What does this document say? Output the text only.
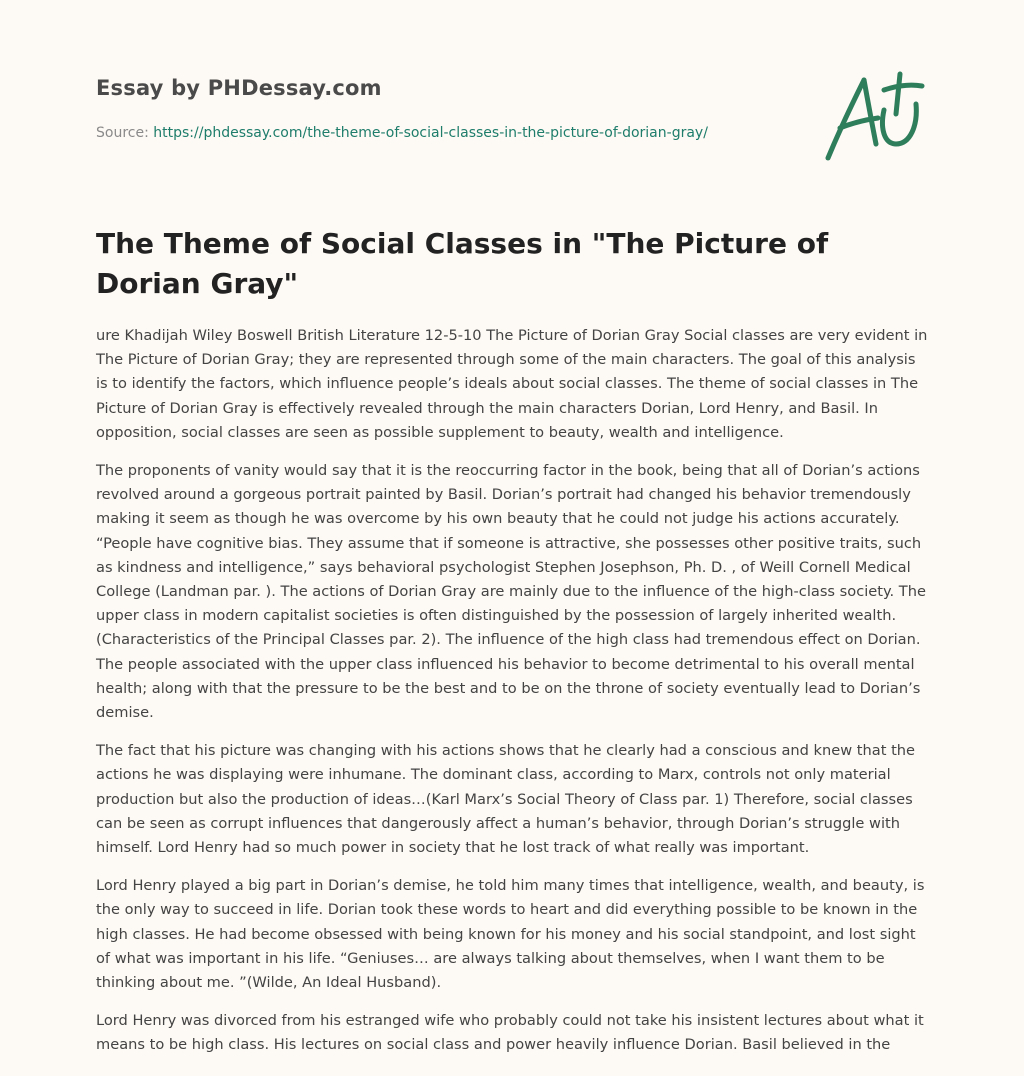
Essay by PHDessay.com
Source: https://phdessay.com/the-theme-of-social-classes-in-the-picture-of-dorian-gray/
The Theme of Social Classes in "The Picture of Dorian Gray"

ure Khadijah Wiley Boswell British Literature 12-5-10 The Picture of Dorian Gray Social classes are very evident in The Picture of Dorian Gray; they are represented through some of the main characters. The goal of this analysis is to identify the factors, which influence people’s ideals about social classes. The theme of social classes in The Picture of Dorian Gray is effectively revealed through the main characters Dorian, Lord Henry, and Basil. In opposition, social classes are seen as possible supplement to beauty, wealth and intelligence.

The proponents of vanity would say that it is the reoccurring factor in the book, being that all of Dorian’s actions revolved around a gorgeous portrait painted by Basil. Dorian’s portrait had changed his behavior tremendously making it seem as though he was overcome by his own beauty that he could not judge his actions accurately. “People have cognitive bias. They assume that if someone is attractive, she possesses other positive traits, such as kindness and intelligence,” says behavioral psychologist Stephen Josephson, Ph. D. , of Weill Cornell Medical College (Landman par. ). The actions of Dorian Gray are mainly due to the influence of the high-class society. The upper class in modern capitalist societies is often distinguished by the possession of largely inherited wealth. (Characteristics of the Principal Classes par. 2). The influence of the high class had tremendous effect on Dorian. The people associated with the upper class influenced his behavior to become detrimental to his overall mental health; along with that the pressure to be the best and to be on the throne of society eventually lead to Dorian’s demise.

The fact that his picture was changing with his actions shows that he clearly had a conscious and knew that the actions he was displaying were inhumane. The dominant class, according to Marx, controls not only material production but also the production of ideas…(Karl Marx’s Social Theory of Class par. 1) Therefore, social classes can be seen as corrupt influences that dangerously affect a human’s behavior, through Dorian’s struggle with himself. Lord Henry had so much power in society that he lost track of what really was important.

Lord Henry played a big part in Dorian’s demise, he told him many times that intelligence, wealth, and beauty, is the only way to succeed in life. Dorian took these words to heart and did everything possible to be known in the high classes. He had become obsessed with being known for his money and his social standpoint, and lost sight of what was important in his life. “Geniuses… are always talking about themselves, when I want them to be thinking about me. ”(Wilde, An Ideal Husband).

Lord Henry was divorced from his estranged wife who probably could not take his insistent lectures about what it means to be high class. His lectures on social class and power heavily influence Dorian. Basil believed in the
